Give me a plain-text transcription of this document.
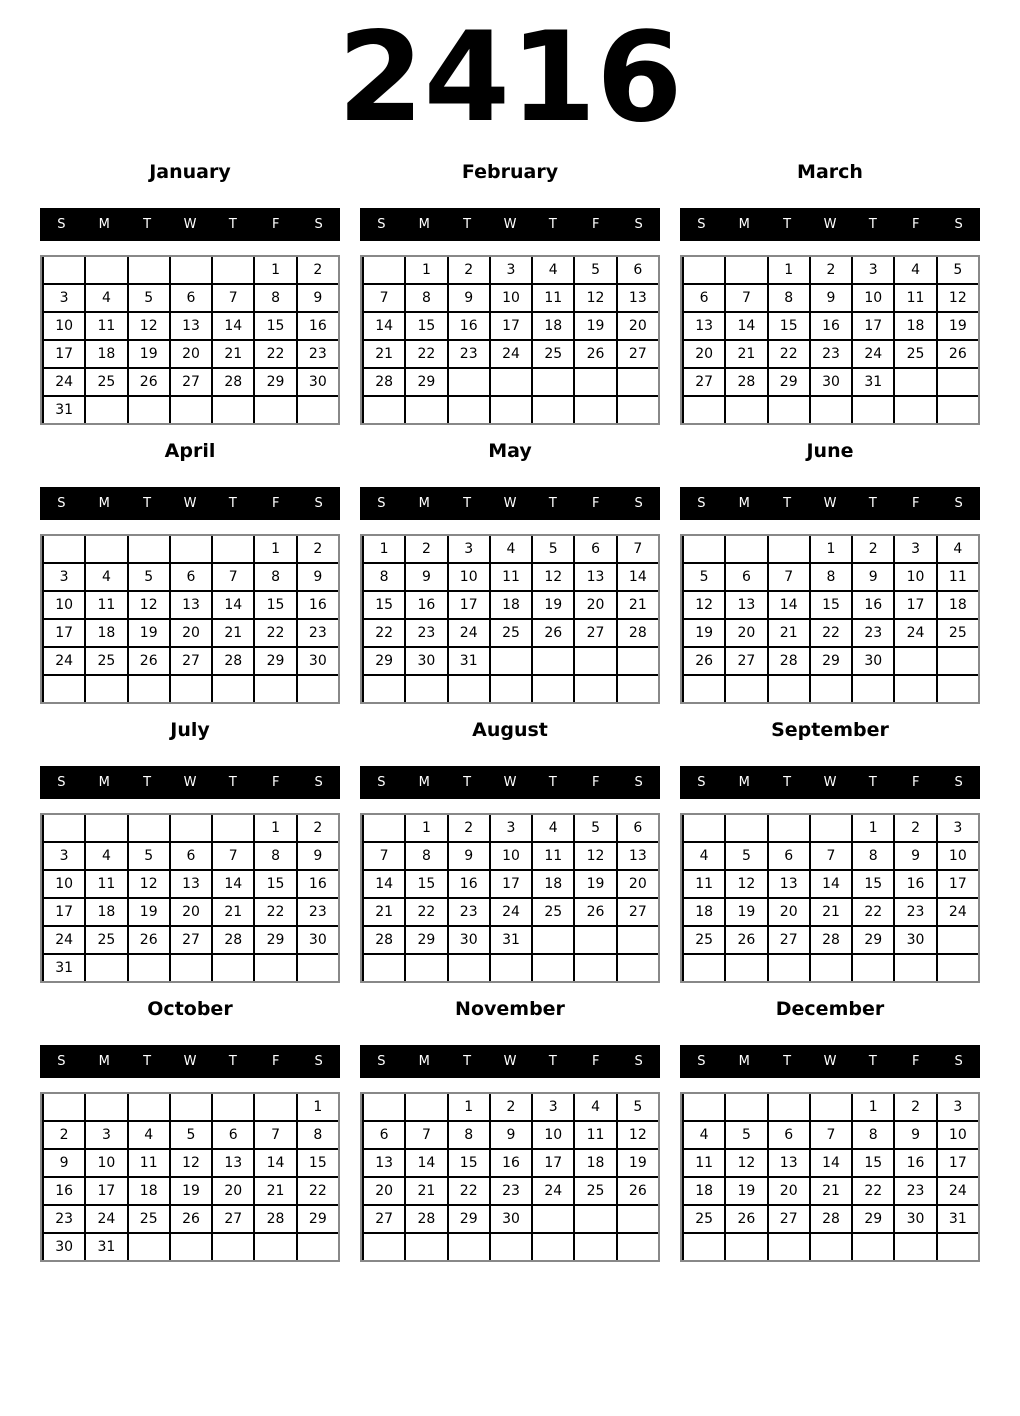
2416
January
S	M	T	W	T	F	S
					1	2
3	4	5	6	7	8	9
10	11	12	13	14	15	16
17	18	19	20	21	22	23
24	25	26	27	28	29	30
31						
February
S	M	T	W	T	F	S
	1	2	3	4	5	6
7	8	9	10	11	12	13
14	15	16	17	18	19	20
21	22	23	24	25	26	27
28	29					

March
S	M	T	W	T	F	S
		1	2	3	4	5
6	7	8	9	10	11	12
13	14	15	16	17	18	19
20	21	22	23	24	25	26
27	28	29	30	31		

April
S	M	T	W	T	F	S
					1	2
3	4	5	6	7	8	9
10	11	12	13	14	15	16
17	18	19	20	21	22	23
24	25	26	27	28	29	30

May
S	M	T	W	T	F	S
1	2	3	4	5	6	7
8	9	10	11	12	13	14
15	16	17	18	19	20	21
22	23	24	25	26	27	28
29	30	31				

June
S	M	T	W	T	F	S
			1	2	3	4
5	6	7	8	9	10	11
12	13	14	15	16	17	18
19	20	21	22	23	24	25
26	27	28	29	30		

July
S	M	T	W	T	F	S
					1	2
3	4	5	6	7	8	9
10	11	12	13	14	15	16
17	18	19	20	21	22	23
24	25	26	27	28	29	30
31						
August
S	M	T	W	T	F	S
	1	2	3	4	5	6
7	8	9	10	11	12	13
14	15	16	17	18	19	20
21	22	23	24	25	26	27
28	29	30	31			

September
S	M	T	W	T	F	S
				1	2	3
4	5	6	7	8	9	10
11	12	13	14	15	16	17
18	19	20	21	22	23	24
25	26	27	28	29	30	

October
S	M	T	W	T	F	S
						1
2	3	4	5	6	7	8
9	10	11	12	13	14	15
16	17	18	19	20	21	22
23	24	25	26	27	28	29
30	31					
November
S	M	T	W	T	F	S
		1	2	3	4	5
6	7	8	9	10	11	12
13	14	15	16	17	18	19
20	21	22	23	24	25	26
27	28	29	30			

December
S	M	T	W	T	F	S
				1	2	3
4	5	6	7	8	9	10
11	12	13	14	15	16	17
18	19	20	21	22	23	24
25	26	27	28	29	30	31
